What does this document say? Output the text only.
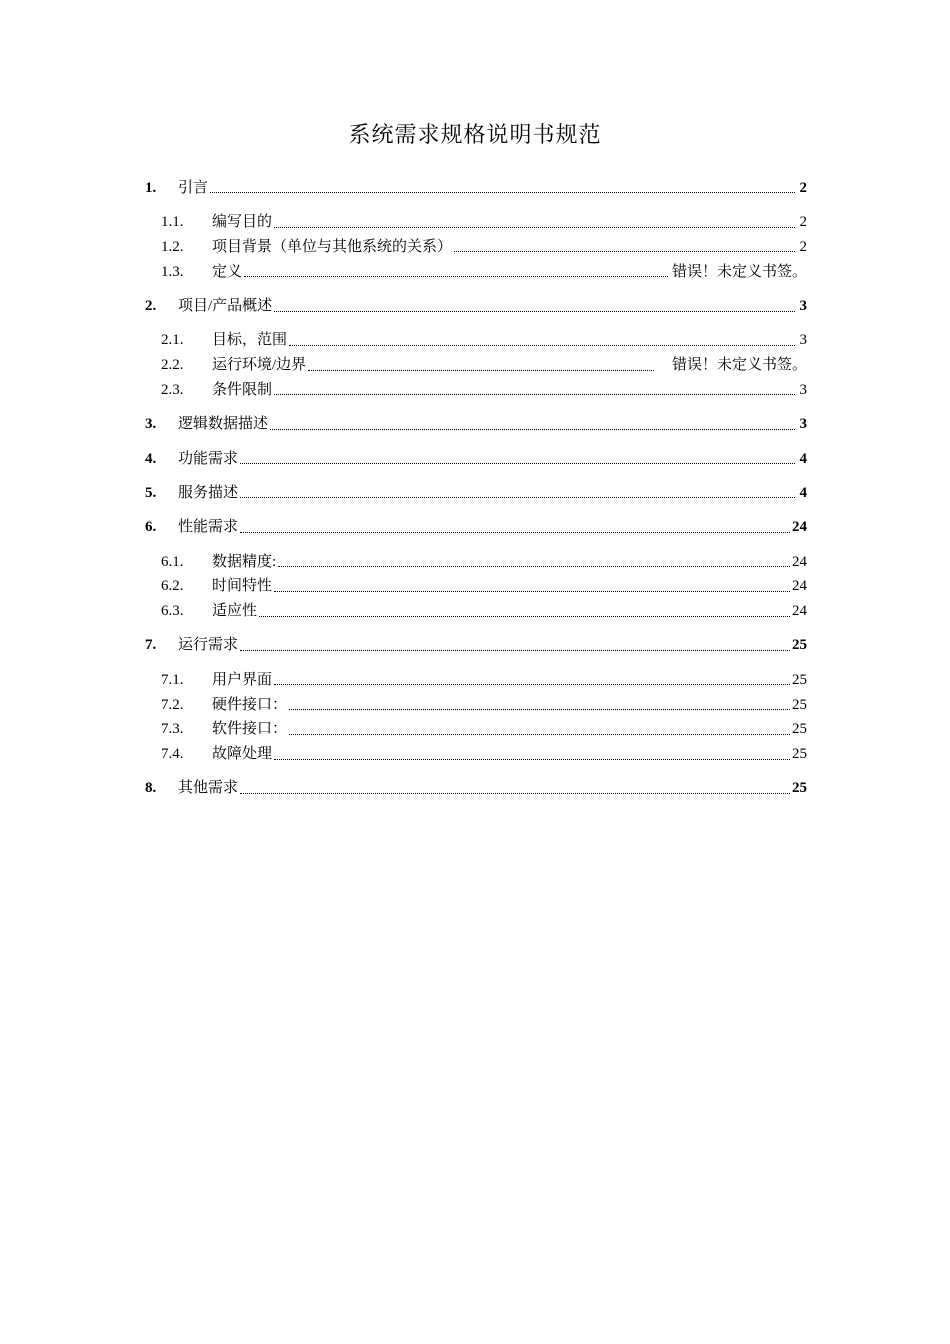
系统需求规格说明书规范
1.	引言	2
1.1.	编写目的	2
1.2.	项目背景（单位与其他系统的关系）	2
1.3.	定义	错误！未定义书签。
2.	项目/产品概述	3
2.1.	目标，范围	3
2.2.	运行环境/边界	错误！未定义书签。
2.3.	条件限制	3
3.	逻辑数据描述	3
4.	功能需求	4
5.	服务描述	4
6.	性能需求	24
6.1.	数据精度:	24
6.2.	时间特性	24
6.3.	适应性	24
7.	运行需求	25
7.1.	用户界面	25
7.2.	硬件接口：	25
7.3.	软件接口：	25
7.4.	故障处理	25
8.	其他需求	25
